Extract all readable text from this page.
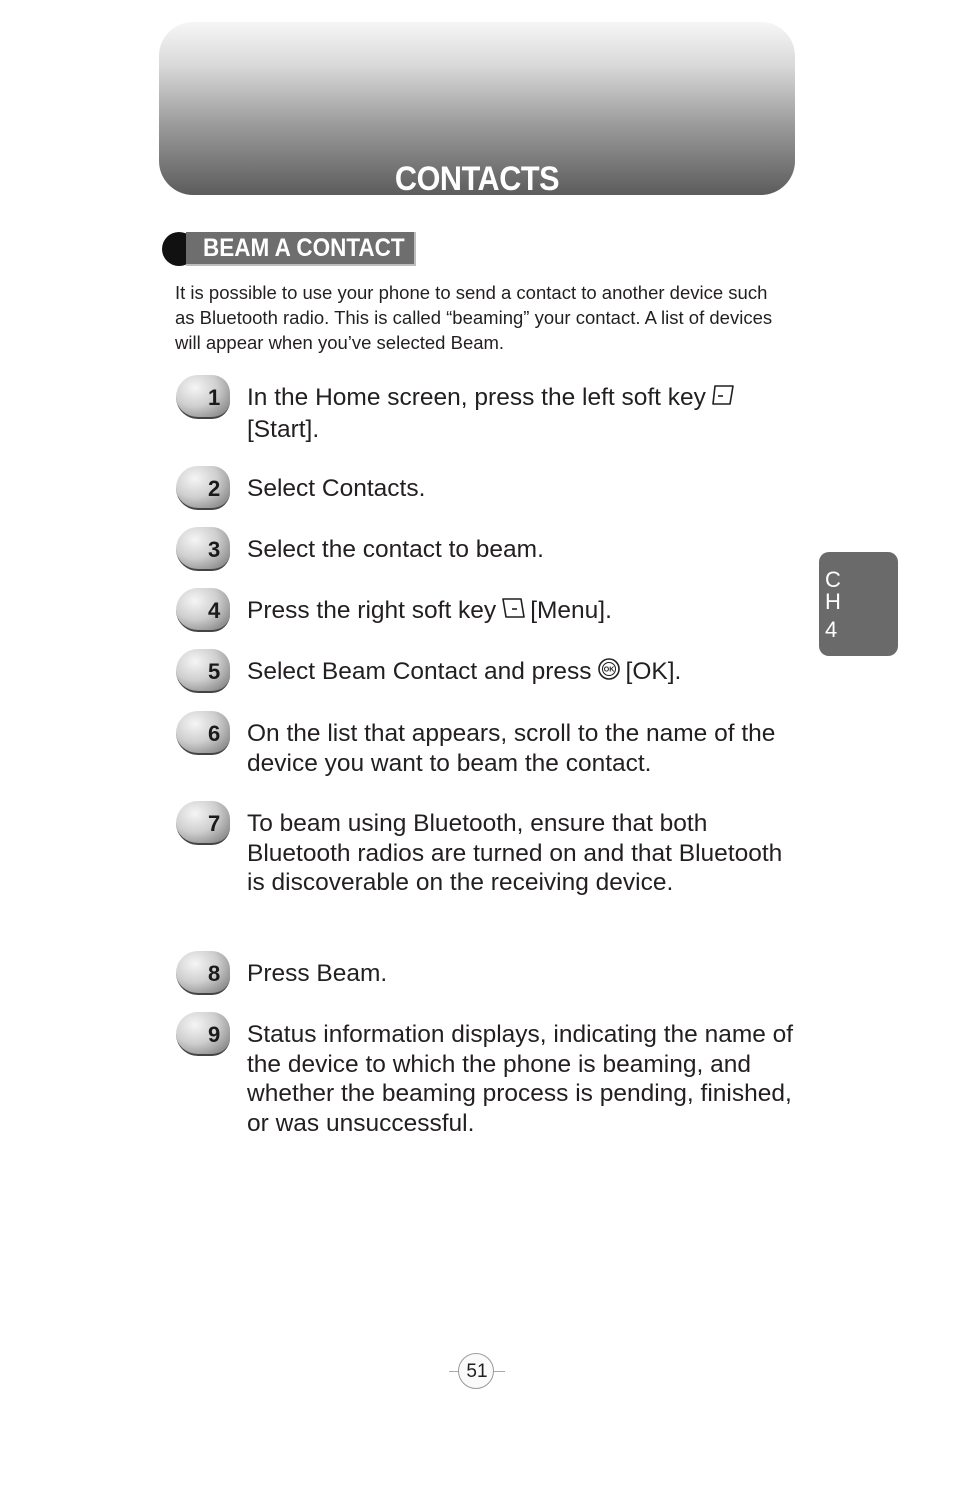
CONTACTS
BEAM A CONTACT
It is possible to use your phone to send a contact to another device such as Bluetooth radio. This is called “beaming” your contact. A list of devices will appear when you’ve selected Beam.
1 In the Home screen, press the left soft key
[Start].
2 Select Contacts.
3 Select the contact to beam.
4 Press the right soft key [Menu].
5 Select Beam Contact and press OK [OK].
6 On the list that appears, scroll to the name of the device you want to beam the contact.
7 To beam using Bluetooth, ensure that both Bluetooth radios are turned on and that Bluetooth is discoverable on the receiving device.
8 Press Beam.
9 Status information displays, indicating the name of the device to which the phone is beaming, and whether the beaming process is pending, finished, or was unsuccessful.
C
H
4
51
